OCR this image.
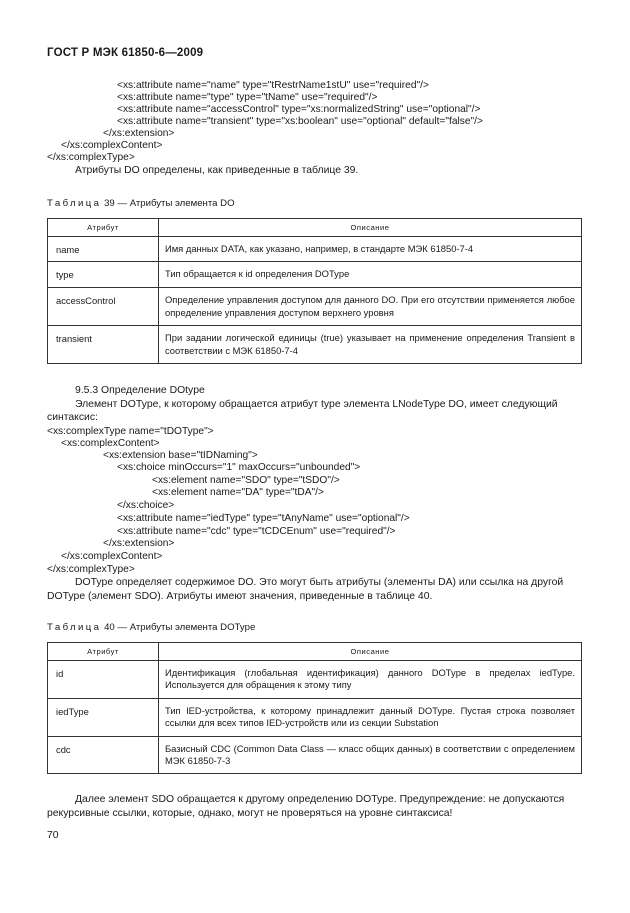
ГОСТ Р МЭК 61850-6—2009
<xs:attribute name="name" type="tRestrName1stU" use="required"/>
<xs:attribute name="type" type="tName" use="required"/>
<xs:attribute name="accessControl" type="xs:normalizedString" use="optional"/>
<xs:attribute name="transient" type="xs:boolean" use="optional" default="false"/>
</xs:extension>
</xs:complexContent>
</xs:complexType>
Атрибуты DO определены, как приведенные в таблице 39.
Таблица 39 — Атрибуты элемента DO
Атрибут	Описание
name	Имя данных DATA, как указано, например, в стандарте МЭК 61850-7-4
type	Тип обращается к id определения DOType
accessControl	Определение управления доступом для данного DO. При его отсутствии применяется любое определение управления доступом верхнего уровня
transient	При задании логической единицы (true) указывает на применение определения Transient в соответствии с МЭК 61850-7-4
9.5.3 Определение DOtype
Элемент DOType, к которому обращается атрибут type элемента LNodeType DO, имеет следующий
синтаксис:
<xs:complexType name="tDOType">
<xs:complexContent>
<xs:extension base="tIDNaming">
<xs:choice minOccurs="1" maxOccurs="unbounded">
<xs:element name="SDO" type="tSDO"/>
<xs:element name="DA" type="tDA"/>
</xs:choice>
<xs:attribute name="iedType" type="tAnyName" use="optional"/>
<xs:attribute name="cdc" type="tCDCEnum" use="required"/>
</xs:extension>
</xs:complexContent>
</xs:complexType>
DOType определяет содержимое DO. Это могут быть атрибуты (элементы DA) или ссылка на другой
DOType (элемент SDO). Атрибуты имеют значения, приведенные в таблице 40.
Таблица 40 — Атрибуты элемента DOType
Атрибут	Описание
id	Идентификация (глобальная идентификация) данного DOType в пределах iedType. Используется для обращения к этому типу
iedType	Тип IED-устройства, к которому принадлежит данный DOType. Пустая строка позволяет ссылки для всех типов IED-устройств или из секции Substation
cdc	Базисный CDC (Common Data Class — класс общих данных) в соответствии с определением МЭК 61850-7-3
Далее элемент SDO обращается к другому определению DOType. Предупреждение: не допускаются
рекурсивные ссылки, которые, однако, могут не проверяться на уровне синтаксиса!
70
